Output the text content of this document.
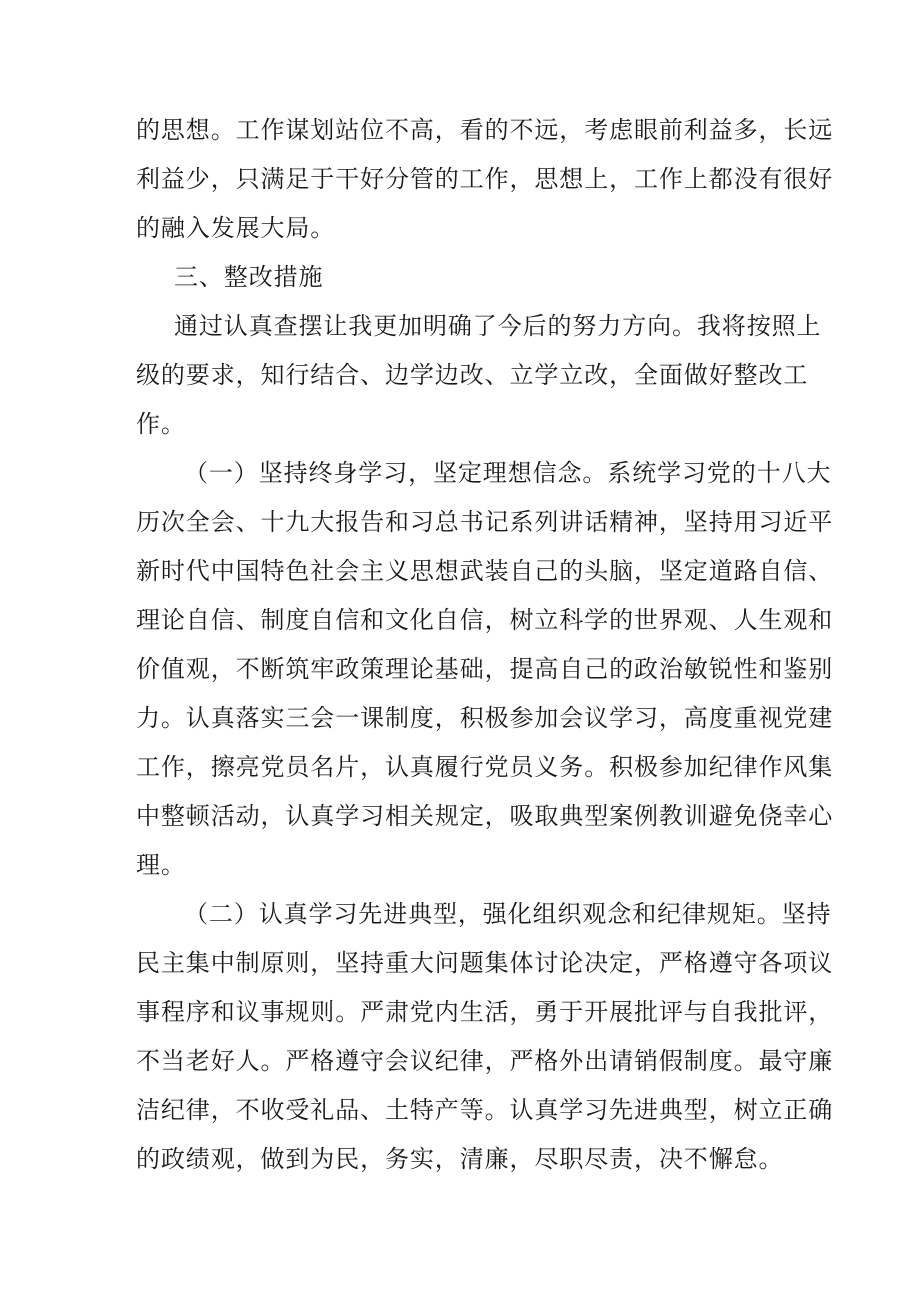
的思想。工作谋划站位不高，看的不远，考虑眼前利益多，长远

利益少，只满足于干好分管的工作，思想上，工作上都没有很好

的融入发展大局。

三、整改措施

通过认真查摆让我更加明确了今后的努力方向。我将按照上

级的要求，知行结合、边学边改、立学立改，全面做好整改工

作。

（一）坚持终身学习，坚定理想信念。系统学习党的十八大

历次全会、十九大报告和习总书记系列讲话精神，坚持用习近平

新时代中国特色社会主义思想武装自己的头脑，坚定道路自信、

理论自信、制度自信和文化自信，树立科学的世界观、人生观和

价值观，不断筑牢政策理论基础，提高自己的政治敏锐性和鉴别

力。认真落实三会一课制度，积极参加会议学习，高度重视党建

工作，擦亮党员名片，认真履行党员义务。积极参加纪律作风集

中整顿活动，认真学习相关规定，吸取典型案例教训避免侥幸心

理。

（二）认真学习先进典型，强化组织观念和纪律规矩。坚持

民主集中制原则，坚持重大问题集体讨论决定，严格遵守各项议

事程序和议事规则。严肃党内生活，勇于开展批评与自我批评，

不当老好人。严格遵守会议纪律，严格外出请销假制度。最守廉

洁纪律，不收受礼品、土特产等。认真学习先进典型，树立正确

的政绩观，做到为民，务实，清廉，尽职尽责，决不懈怠。
